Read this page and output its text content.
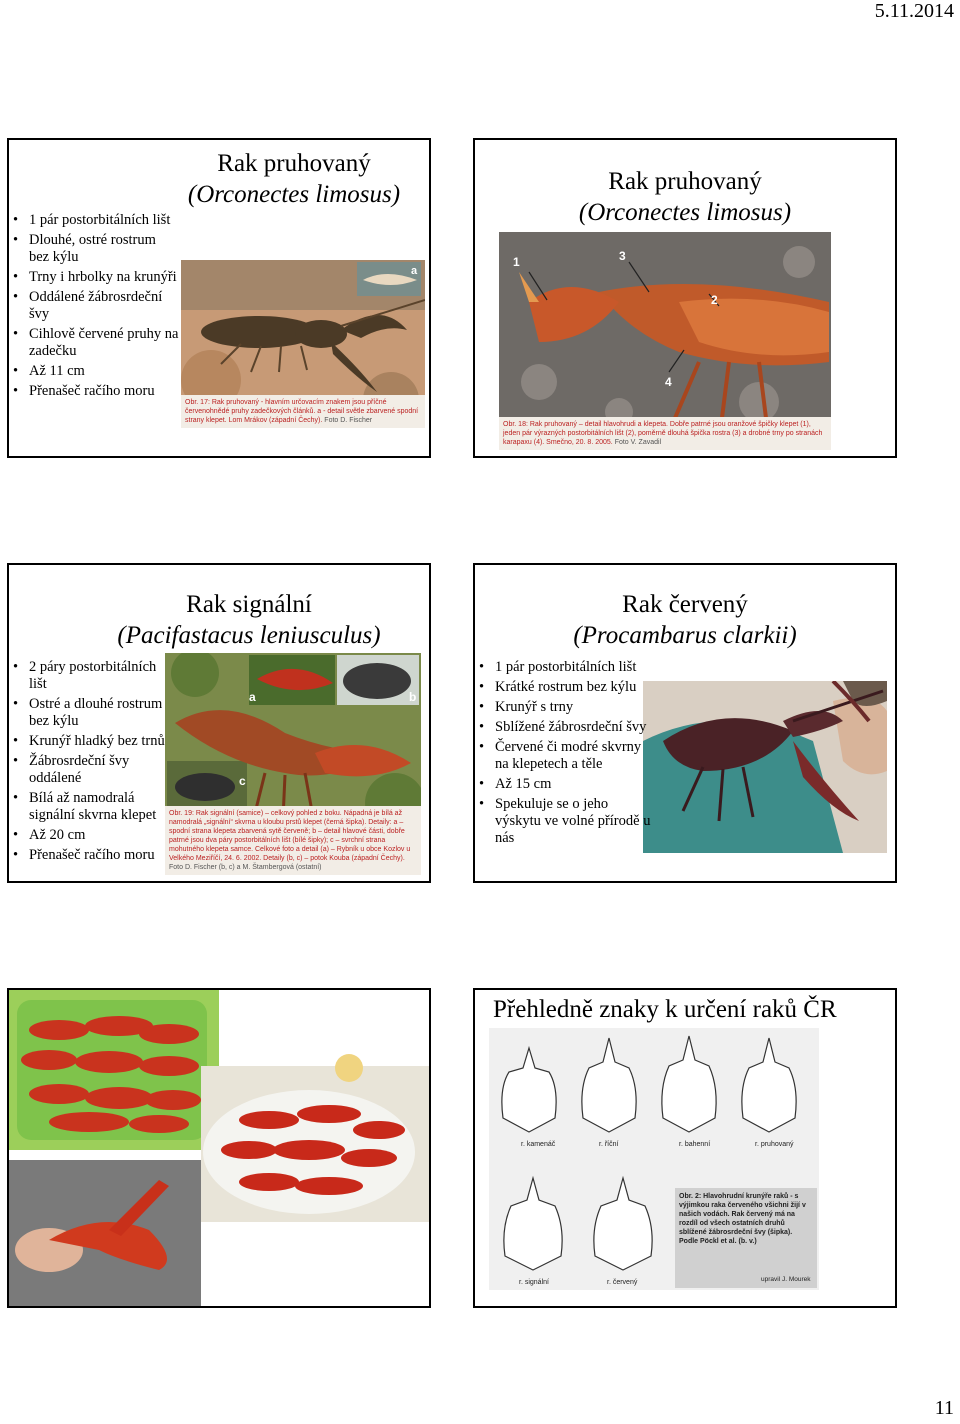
5.11.2014
Rak pruhovaný
(Orconectes limosus)
• 1 pár postorbitálních lišt
• Dlouhé, ostré rostrum bez kýlu
• Trny i hrbolky na krunýři
• Oddálené žábrosrdeční švy
• Cihlově červené pruhy na zadečku
• Až 11 cm
• Přenašeč račího moru
a
Obr. 17: Rak pruhovaný - hlavním určovacím znakem jsou příčné červenohnědé pruhy zadečkových článků. a - detail světle zbarvené spodní strany klepet. Lom Mrákov (západní Čechy). Foto D. Fischer
Rak pruhovaný
(Orconectes limosus)
1
2
3
4
Obr. 18: Rak pruhovaný – detail hlavohrudi a klepeta. Dobře patrné jsou oranžové špičky klepet (1), jeden pár výrazných postorbitálních lišt (2), poměrně dlouhá špička rostra (3) a drobné trny po stranách karapaxu (4). Smečno, 20. 8. 2005. Foto V. Zavadil
Rak signální
(Pacifastacus leniusculus)
• 2 páry postorbitálních lišt
• Ostré a dlouhé rostrum bez kýlu
• Krunýř hladký bez trnů
• Žábrosrdeční švy oddálené
• Bílá až namodralá signální skvrna klepet
• Až 20 cm
• Přenašeč račího moru
a	b
c
Obr. 19: Rak signální (samice) – celkový pohled z boku. Nápadná je bílá až namodralá „signální“ skvrna u kloubu prstů klepet (černá šipka). Detaily: a – spodní strana klepeta zbarvená sytě červeně; b – detail hlavové části, dobře patrné jsou dva páry postorbitálních lišt (bílé šipky); c – svrchní strana mohutného klepeta samce. Celkové foto a detail (a) – Rybník u obce Kozlov u Velkého Meziříčí, 24. 6. 2002. Detaily (b, c) – potok Kouba (západní Čechy). Foto D. Fischer (b, c) a M. Štambergová (ostatní)
Rak červený
(Procambarus clarkii)
• 1 pár postorbitálních lišt
• Krátké rostrum bez kýlu
• Krunýř s trny
• Sblížené žábrosrdeční švy
• Červené či modré skvrny na klepetech a těle
• Až 15 cm
• Spekuluje se o jeho výskytu ve volné přírodě u nás
Přehledně znaky k určení raků ČR
r. kamenáč	r. říční	r. bahenní	r. pruhovaný
r. signální	r. červený
Obr. 2: Hlavohrudní krunýře raků - s výjimkou raka červeného všichni žijí v našich vodách. Rak červený má na rozdíl od všech ostatních druhů sblížené žábrosrdeční švy (šipka). Podle Pöckl et al. (b. v.)
upravil J. Mourek
11
